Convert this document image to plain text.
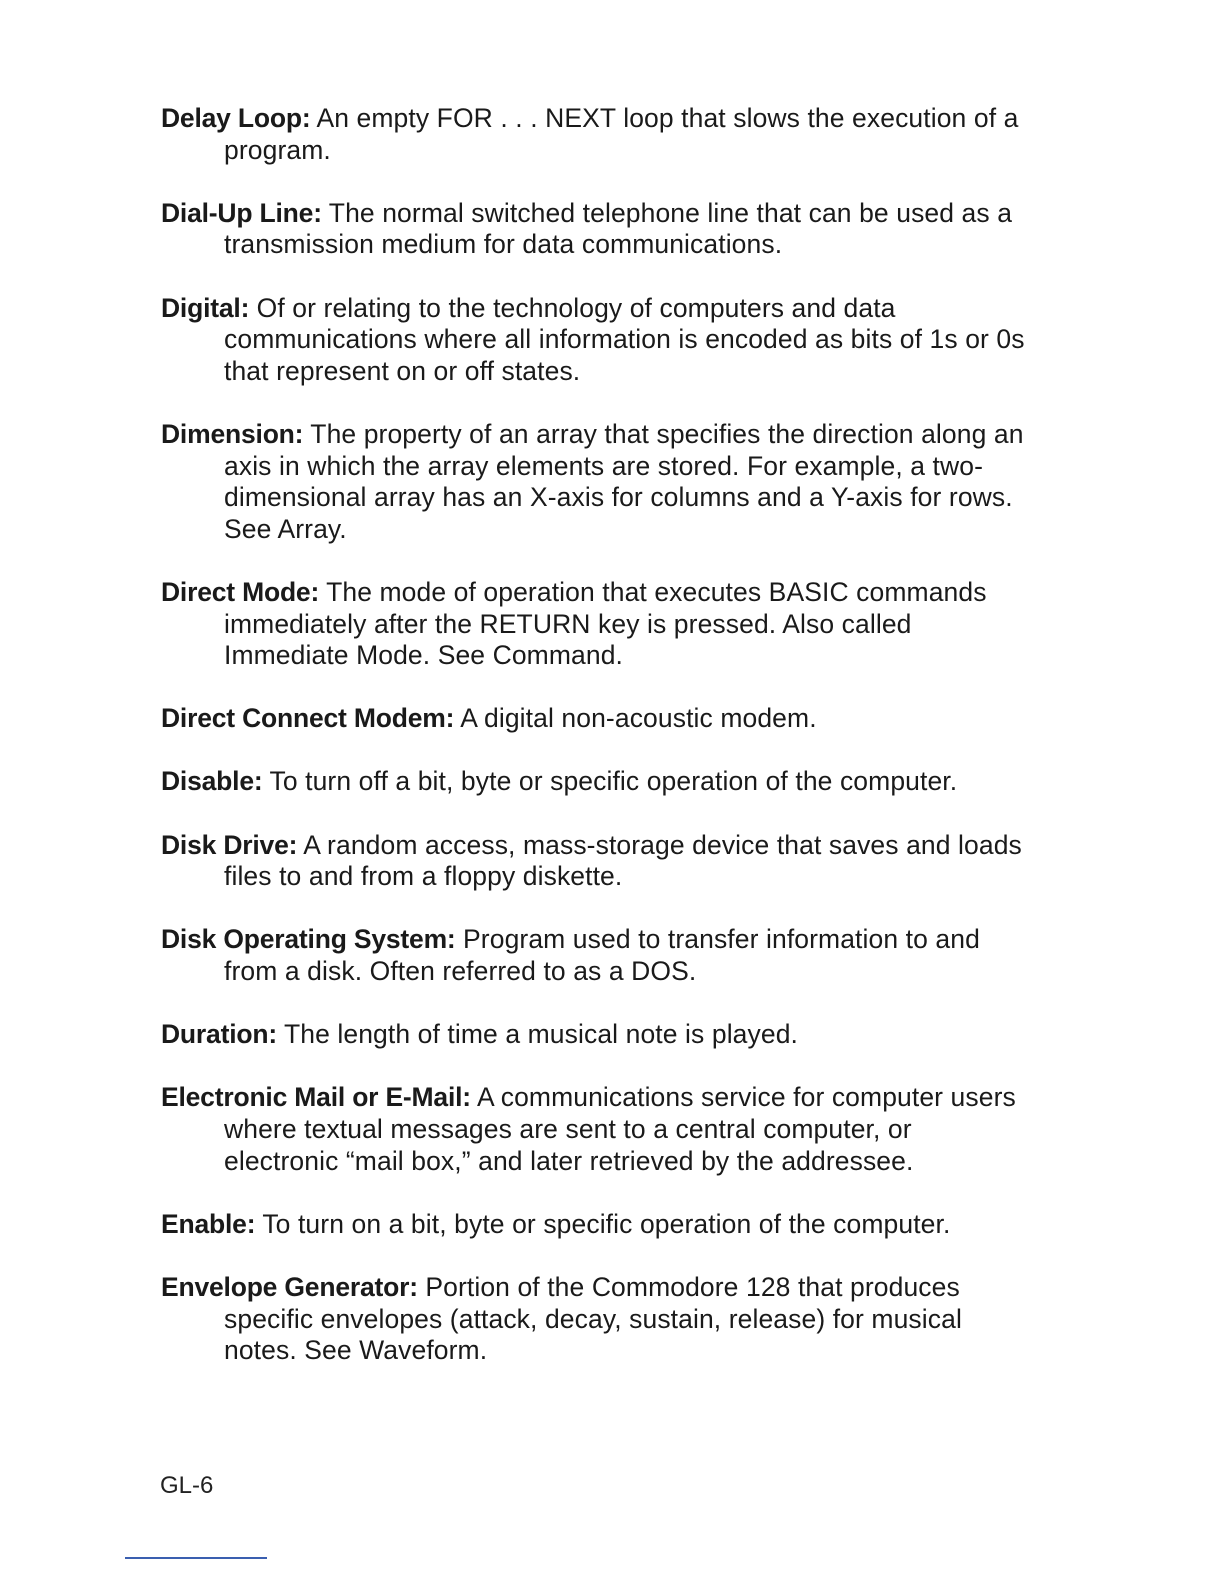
Delay Loop: An empty FOR . . . NEXT loop that slows the execution of a program.

Dial-Up Line: The normal switched telephone line that can be used as a transmission medium for data communications.

Digital: Of or relating to the technology of computers and data communications where all information is encoded as bits of 1s or 0s that represent on or off states.

Dimension: The property of an array that specifies the direction along an axis in which the array elements are stored. For example, a two-dimensional array has an X-axis for columns and a Y-axis for rows. See Array.

Direct Mode: The mode of operation that executes BASIC commands immediately after the RETURN key is pressed. Also called Immediate Mode. See Command.

Direct Connect Modem: A digital non-acoustic modem.

Disable: To turn off a bit, byte or specific operation of the computer.

Disk Drive: A random access, mass-storage device that saves and loads files to and from a floppy diskette.

Disk Operating System: Program used to transfer information to and from a disk. Often referred to as a DOS.

Duration: The length of time a musical note is played.

Electronic Mail or E-Mail: A communications service for computer users where textual messages are sent to a central computer, or electronic “mail box,” and later retrieved by the addressee.

Enable: To turn on a bit, byte or specific operation of the computer.

Envelope Generator: Portion of the Commodore 128 that produces specific envelopes (attack, decay, sustain, release) for musical notes. See Waveform.

GL-6
